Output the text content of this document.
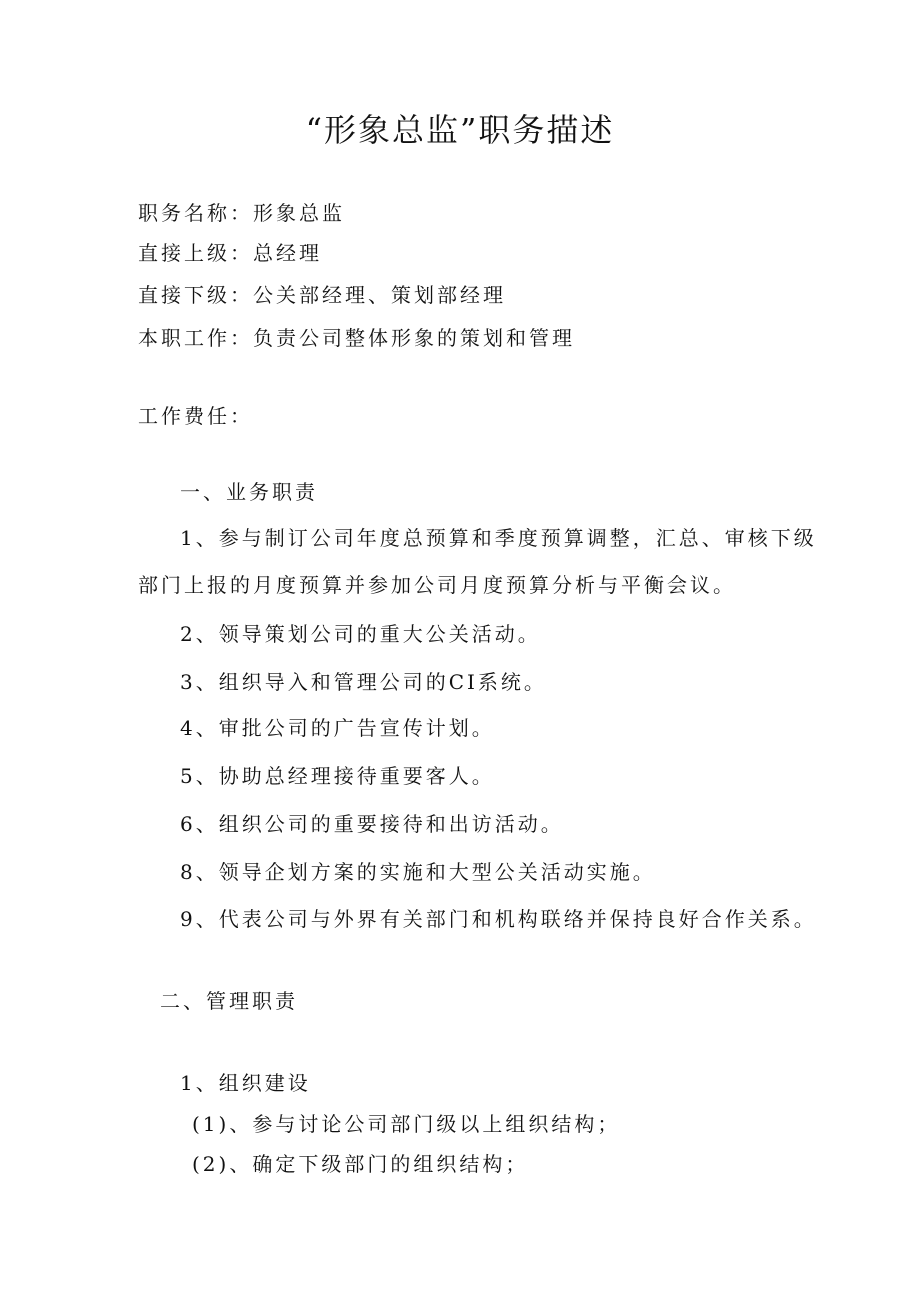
“形象总监”职务描述
职务名称：形象总监
直接上级：总经理
直接下级：公关部经理、策划部经理
本职工作：负责公司整体形象的策划和管理
工作费任：
一、业务职责
1、参与制订公司年度总预算和季度预算调整，汇总、审核下级
部门上报的月度预算并参加公司月度预算分析与平衡会议。
2、领导策划公司的重大公关活动。
3、组织导入和管理公司的CI系统。
4、审批公司的广告宣传计划。
5、协助总经理接待重要客人。
6、组织公司的重要接待和出访活动。
8、领导企划方案的实施和大型公关活动实施。
9、代表公司与外界有关部门和机构联络并保持良好合作关系。
二、管理职责
1、组织建设
(1)、参与讨论公司部门级以上组织结构；
(2)、确定下级部门的组织结构；
